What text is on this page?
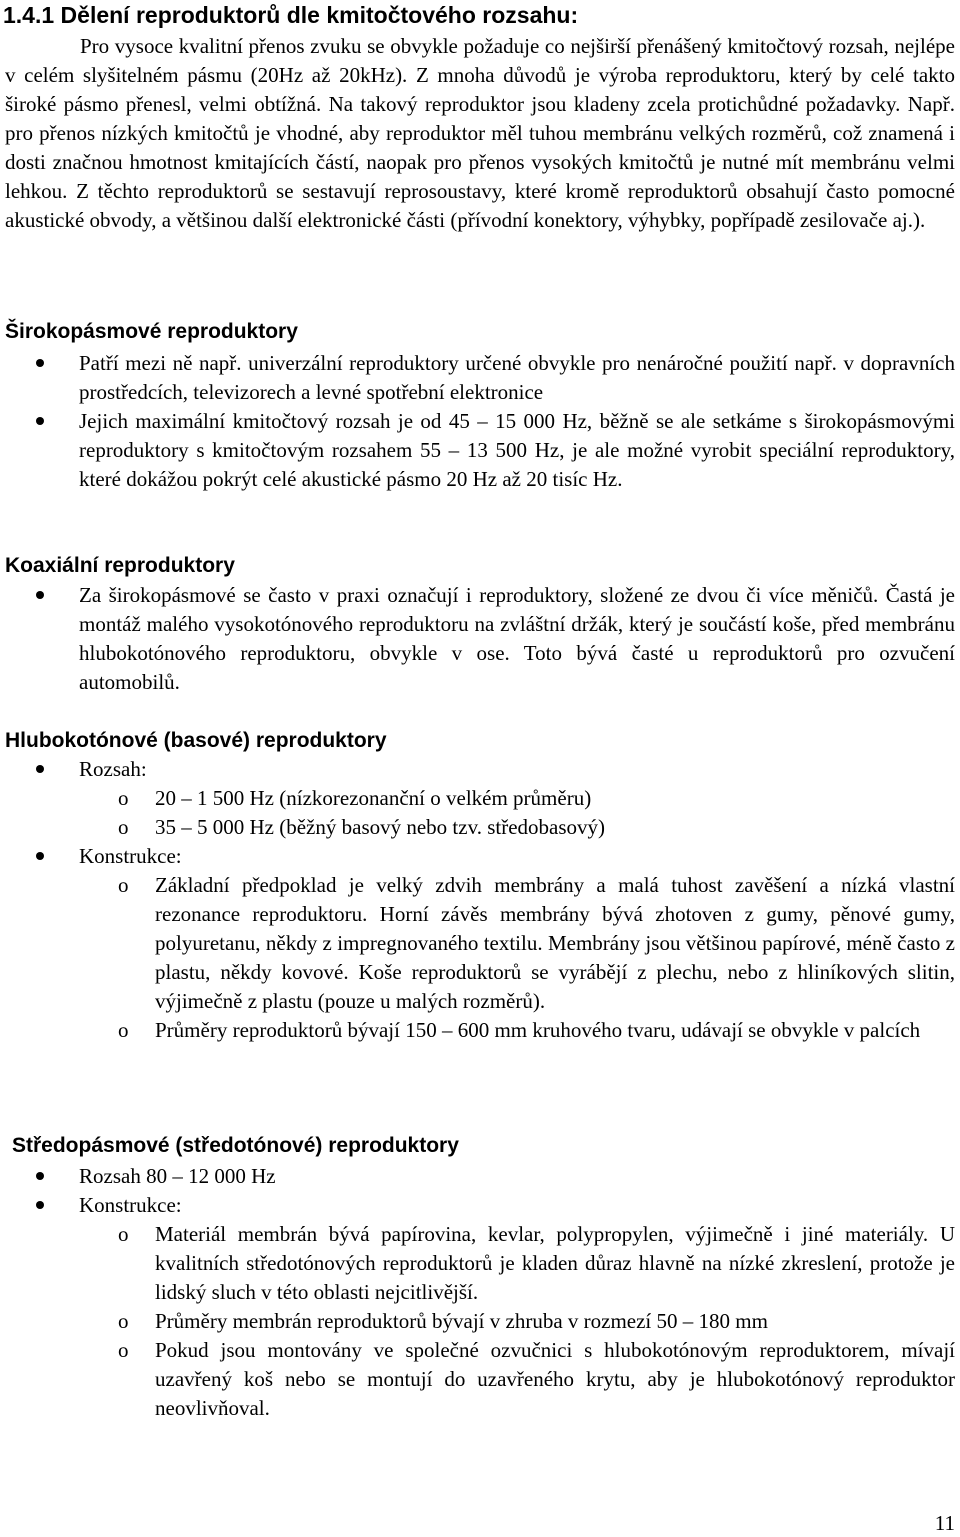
1.4.1 Dělení reproduktorů dle kmitočtového rozsahu:

Pro vysoce kvalitní přenos zvuku se obvykle požaduje co nejširší přenášený kmitočtový rozsah, nejlépe v celém slyšitelném pásmu (20Hz až 20kHz). Z mnoha důvodů je výroba reproduktoru, který by celé takto široké pásmo přenesl, velmi obtížná. Na takový reproduktor jsou kladeny zcela protichůdné požadavky. Např. pro přenos nízkých kmitočtů je vhodné, aby reproduktor měl tuhou membránu velkých rozměrů, což znamená i dosti značnou hmotnost kmitajících částí, naopak pro přenos vysokých kmitočtů je nutné mít membránu velmi lehkou. Z těchto reproduktorů se sestavují reprosoustavy, které kromě reproduktorů obsahují často pomocné akustické obvody, a většinou další elektronické části (přívodní konektory, výhybky, popřípadě zesilovače aj.).

Širokopásmové reproduktory
Patří mezi ně např. univerzální reproduktory určené obvykle pro nenáročné použití např. v dopravních prostředcích, televizorech a levné spotřební elektronice
Jejich maximální kmitočtový rozsah je od 45 – 15 000 Hz, běžně se ale setkáme s širokopásmovými reproduktory s kmitočtovým rozsahem 55 – 13 500 Hz, je ale možné vyrobit speciální reproduktory, které dokážou pokrýt celé akustické pásmo 20 Hz až 20 tisíc Hz.
Koaxiální reproduktory
Za širokopásmové se často v praxi označují i reproduktory, složené ze dvou či více měničů. Častá je montáž malého vysokotónového reproduktoru na zvláštní držák, který je součástí koše, před membránu hlubokotónového reproduktoru, obvykle v ose. Toto bývá časté u reproduktorů pro ozvučení automobilů.
Hlubokotónové (basové) reproduktory
Rozsah:
o 20 – 1 500 Hz (nízkorezonanční o velkém průměru)
o 35 – 5 000 Hz (běžný basový nebo tzv. středobasový)
Konstrukce:
o Základní předpoklad je velký zdvih membrány a malá tuhost zavěšení a nízká vlastní rezonance reproduktoru. Horní závěs membrány bývá zhotoven z gumy, pěnové gumy, polyuretanu, někdy z impregnovaného textilu. Membrány jsou většinou papírové, méně často z plastu, někdy kovové. Koše reproduktorů se vyrábějí z plechu, nebo z hliníkových slitin, výjimečně z plastu (pouze u malých rozměrů).
o Průměry reproduktorů bývají 150 – 600 mm kruhového tvaru, udávají se obvykle v palcích
Středopásmové (středotónové) reproduktory
Rozsah 80 – 12 000 Hz
Konstrukce:
o Materiál membrán bývá papírovina, kevlar, polypropylen, výjimečně i jiné materiály. U kvalitních středotónových reproduktorů je kladen důraz hlavně na nízké zkreslení, protože je lidský sluch v této oblasti nejcitlivější.
o Průměry membrán reproduktorů bývají v zhruba v rozmezí 50 – 180 mm
o Pokud jsou montovány ve společné ozvučnici s hlubokotónovým reproduktorem, mívají uzavřený koš nebo se montují do uzavřeného krytu, aby je hlubokotónový reproduktor neovlivňoval.
11
